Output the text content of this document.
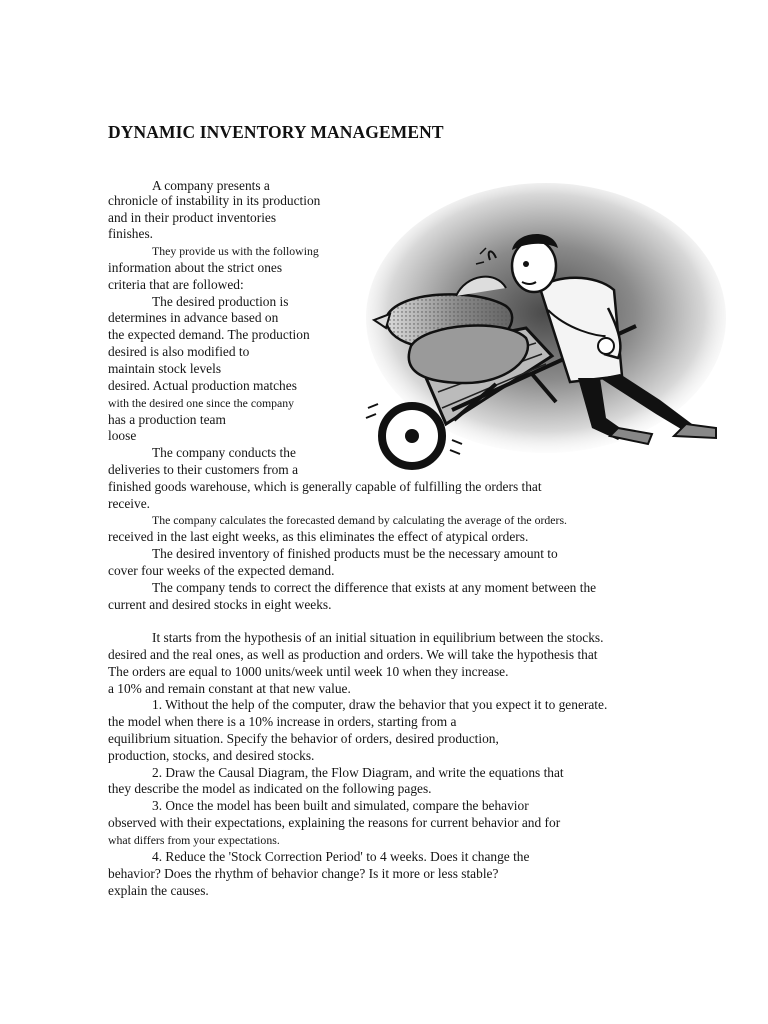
DYNAMIC INVENTORY MANAGEMENT
A company presents a
chronicle of instability in its production
and in their product inventories
finishes.
They provide us with the following
information about the strict ones
criteria that are followed:
The desired production is
determines in advance based on
the expected demand. The production
desired is also modified to
maintain stock levels
desired. Actual production matches
with the desired one since the company
has a production team
loose
The company conducts the
deliveries to their customers from a
finished goods warehouse, which is generally capable of fulfilling the orders that
receive.
The company calculates the forecasted demand by calculating the average of the orders.
received in the last eight weeks, as this eliminates the effect of atypical orders.
The desired inventory of finished products must be the necessary amount to
cover four weeks of the expected demand.
The company tends to correct the difference that exists at any moment between the
current and desired stocks in eight weeks.
It starts from the hypothesis of an initial situation in equilibrium between the stocks.
desired and the real ones, as well as production and orders. We will take the hypothesis that
The orders are equal to 1000 units/week until week 10 when they increase.
a 10% and remain constant at that new value.
1. Without the help of the computer, draw the behavior that you expect it to generate.
the model when there is a 10% increase in orders, starting from a
equilibrium situation. Specify the behavior of orders, desired production,
production, stocks, and desired stocks.
2. Draw the Causal Diagram, the Flow Diagram, and write the equations that
they describe the model as indicated on the following pages.
3. Once the model has been built and simulated, compare the behavior
observed with their expectations, explaining the reasons for current behavior and for
what differs from your expectations.
4. Reduce the 'Stock Correction Period' to 4 weeks. Does it change the
behavior? Does the rhythm of behavior change? Is it more or less stable?
explain the causes.
